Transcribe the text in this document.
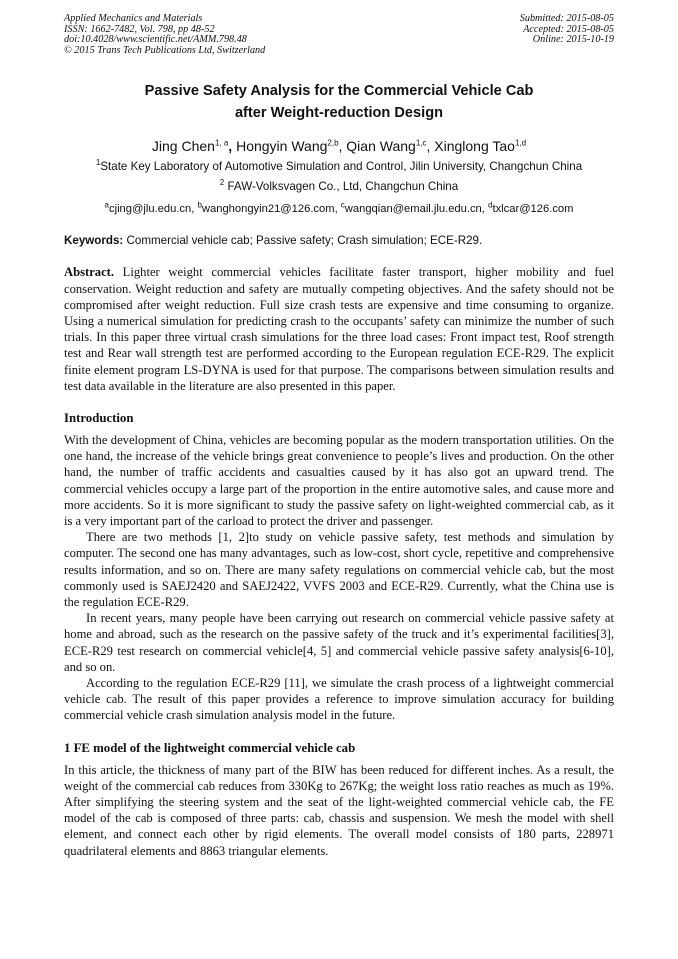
Applied Mechanics and Materials
ISSN: 1662-7482, Vol. 798, pp 48-52
doi:10.4028/www.scientific.net/AMM.798.48
© 2015 Trans Tech Publications Ltd, Switzerland
Submitted: 2015-08-05
Accepted: 2015-08-05
Online: 2015-10-19
Passive Safety Analysis for the Commercial Vehicle Cab
after Weight-reduction Design
Jing Chen$^{1, a}$, Hongyin Wang$^{2,b}$, Qian Wang$^{1,c}$, Xinglong Tao$^{1,d}$
$^1$State Key Laboratory of Automotive Simulation and Control, Jilin University, Changchun China
$^2$ FAW-Volksvagen Co., Ltd, Changchun China
$^a$cjing@jlu.edu.cn, $^b$wanghongyin21@126.com, $^c$wangqian@email.jlu.edu.cn, $^d$txlcar@126.com
Keywords: Commercial vehicle cab; Passive safety; Crash simulation; ECE-R29.
Abstract. Lighter weight commercial vehicles facilitate faster transport, higher mobility and fuel conservation. Weight reduction and safety are mutually competing objectives. And the safety should not be compromised after weight reduction. Full size crash tests are expensive and time consuming to organize. Using a numerical simulation for predicting crash to the occupants’ safety can minimize the number of such trials. In this paper three virtual crash simulations for the three load cases: Front impact test, Roof strength test and Rear wall strength test are performed according to the European regulation ECE-R29. The explicit finite element program LS-DYNA is used for that purpose. The comparisons between simulation results and test data available in the literature are also presented in this paper.
Introduction

With the development of China, vehicles are becoming popular as the modern transportation utilities. On the one hand, the increase of the vehicle brings great convenience to people’s lives and production. On the other hand, the number of traffic accidents and casualties caused by it has also got an upward trend. The commercial vehicles occupy a large part of the proportion in the entire automotive sales, and cause more and more accidents. So it is more significant to study the passive safety on light-weighted commercial cab, as it is a very important part of the carload to protect the driver and passenger.

There are two methods [1, 2]to study on vehicle passive safety, test methods and simulation by computer. The second one has many advantages, such as low-cost, short cycle, repetitive and comprehensive results information, and so on. There are many safety regulations on commercial vehicle cab, but the most commonly used is SAEJ2420 and SAEJ2422, VVFS 2003 and ECE-R29. Currently, what the China use is the regulation ECE-R29.

In recent years, many people have been carrying out research on commercial vehicle passive safety at home and abroad, such as the research on the passive safety of the truck and it’s experimental facilities[3], ECE-R29 test research on commercial vehicle[4, 5] and commercial vehicle passive safety analysis[6-10], and so on.

According to the regulation ECE-R29 [11], we simulate the crash process of a lightweight commercial vehicle cab. The result of this paper provides a reference to improve simulation accuracy for building commercial vehicle crash simulation analysis model in the future.

1 FE model of the lightweight commercial vehicle cab

In this article, the thickness of many part of the BIW has been reduced for different inches. As a result, the weight of the commercial cab reduces from 330Kg to 267Kg; the weight loss ratio reaches as much as 19%. After simplifying the steering system and the seat of the light-weighted commercial vehicle cab, the FE model of the cab is composed of three parts: cab, chassis and suspension. We mesh the model with shell element, and connect each other by rigid elements. The overall model consists of 180 parts, 228971 quadrilateral elements and 8863 triangular elements.
